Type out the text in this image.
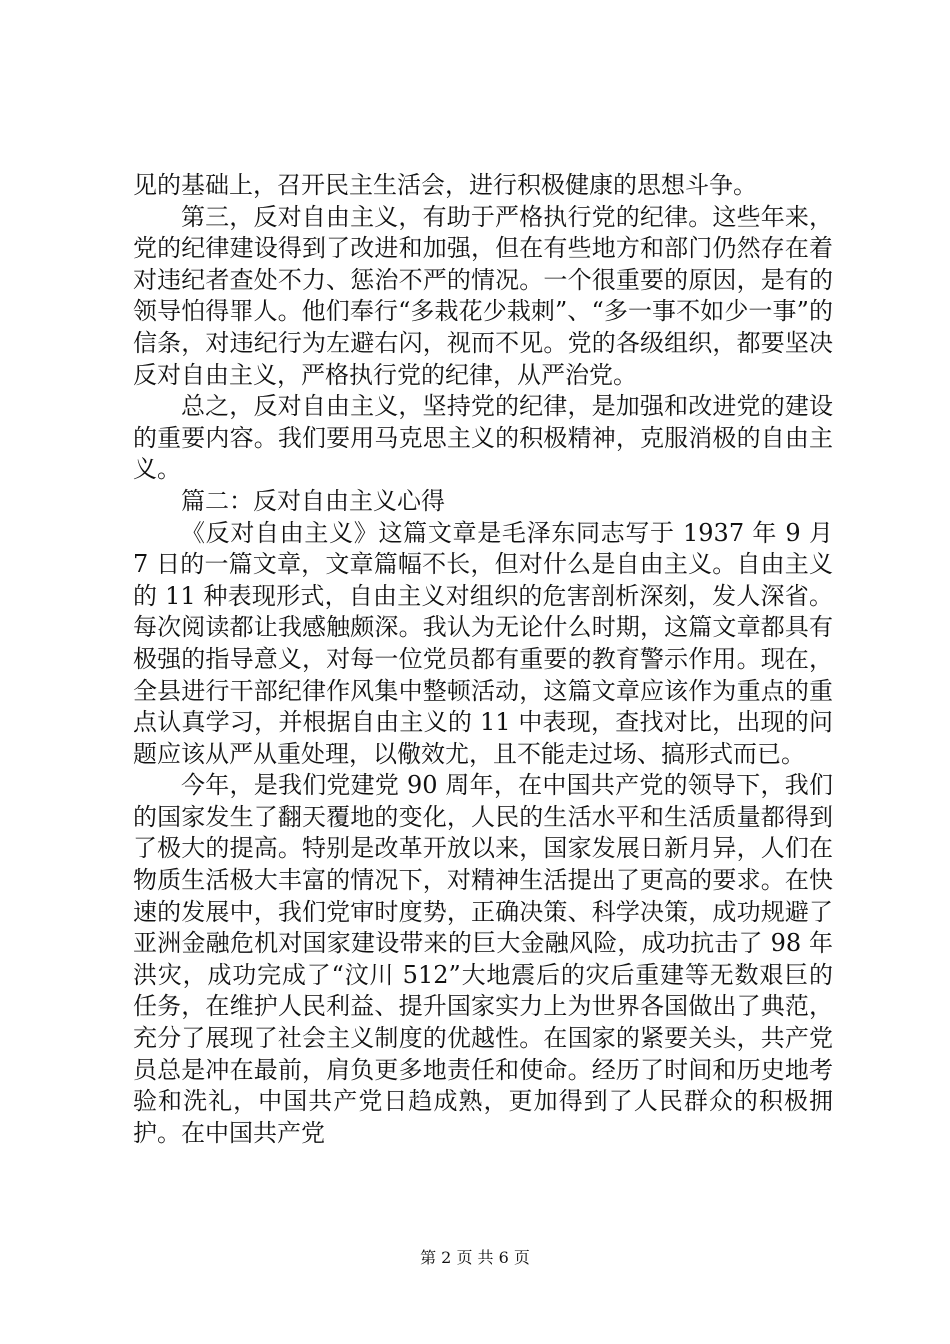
见的基础上，召开民主生活会，进行积极健康的思想斗争。

第三，反对自由主义，有助于严格执行党的纪律。这些年来，党的纪律建设得到了改进和加强，但在有些地方和部门仍然存在着对违纪者查处不力、惩治不严的情况。一个很重要的原因，是有的领导怕得罪人。他们奉行“多栽花少栽刺”、“多一事不如少一事”的信条，对违纪行为左避右闪，视而不见。党的各级组织，都要坚决反对自由主义，严格执行党的纪律，从严治党。

总之，反对自由主义，坚持党的纪律，是加强和改进党的建设的重要内容。我们要用马克思主义的积极精神，克服消极的自由主义。

篇二：反对自由主义心得

《反对自由主义》这篇文章是毛泽东同志写于 1937 年 9 月 7 日的一篇文章，文章篇幅不长，但对什么是自由主义。自由主义的 11 种表现形式，自由主义对组织的危害剖析深刻，发人深省。每次阅读都让我感触颇深。我认为无论什么时期，这篇文章都具有极强的指导意义，对每一位党员都有重要的教育警示作用。现在，全县进行干部纪律作风集中整顿活动，这篇文章应该作为重点的重点认真学习，并根据自由主义的 11 中表现，查找对比，出现的问题应该从严从重处理，以儆效尤，且不能走过场、搞形式而已。

今年，是我们党建党 90 周年，在中国共产党的领导下，我们的国家发生了翻天覆地的变化，人民的生活水平和生活质量都得到了极大的提高。特别是改革开放以来，国家发展日新月异，人们在物质生活极大丰富的情况下，对精神生活提出了更高的要求。在快速的发展中，我们党审时度势，正确决策、科学决策，成功规避了亚洲金融危机对国家建设带来的巨大金融风险，成功抗击了 98 年洪灾，成功完成了“汶川 512”大地震后的灾后重建等无数艰巨的任务，在维护人民利益、提升国家实力上为世界各国做出了典范，充分了展现了社会主义制度的优越性。在国家的紧要关头，共产党员总是冲在最前，肩负更多地责任和使命。经历了时间和历史地考验和洗礼，中国共产党日趋成熟，更加得到了人民群众的积极拥护。在中国共产党

第 2 页 共 6 页
